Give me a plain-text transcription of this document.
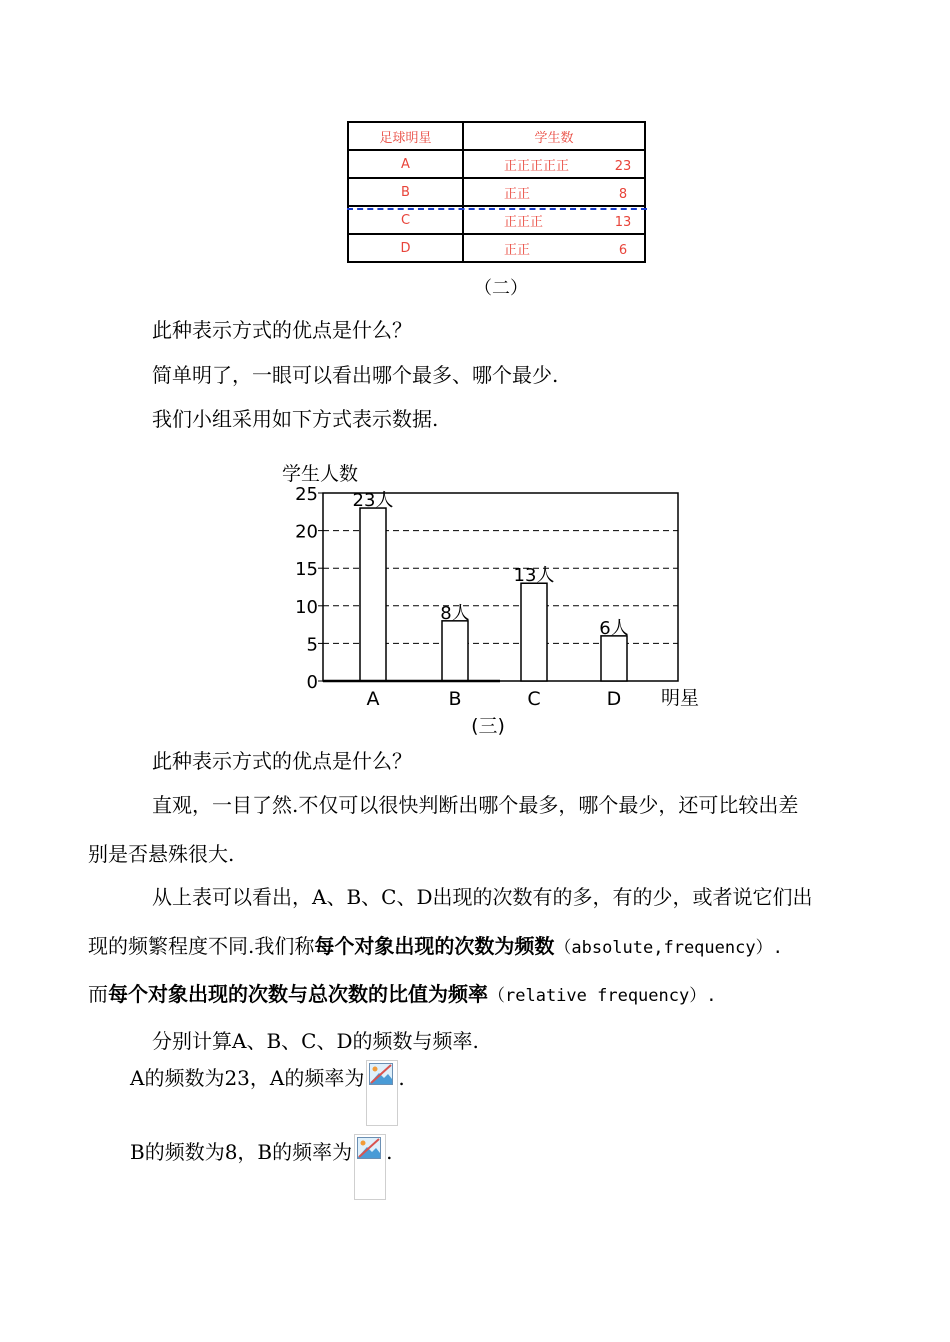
足球明星	学生数
A	正正正正正 23
B	正正 8
C	正正正 13
D	正正 6
（二）
此种表示方式的优点是什么？
简单明了，一眼可以看出哪个最多、哪个最少.
我们小组采用如下方式表示数据.
学生人数
0
5
10
15
20
25 23人
8人
13人
6人
A	B	C	D 明星
(三)
此种表示方式的优点是什么？
直观，一目了然.不仅可以很快判断出哪个最多，哪个最少，还可比较出差
别是否悬殊很大.
从上表可以看出，A、B、C、D出现的次数有的多，有的少，或者说它们出
现的频繁程度不同.我们称每个对象出现的次数为频数（absolute,frequency）.
而每个对象出现的次数与总次数的比值为频率（relative frequency）.
分别计算A、B、C、D的频数与频率.
A的频数为23，A的频率为 .
B的频数为8，B的频率为 .
